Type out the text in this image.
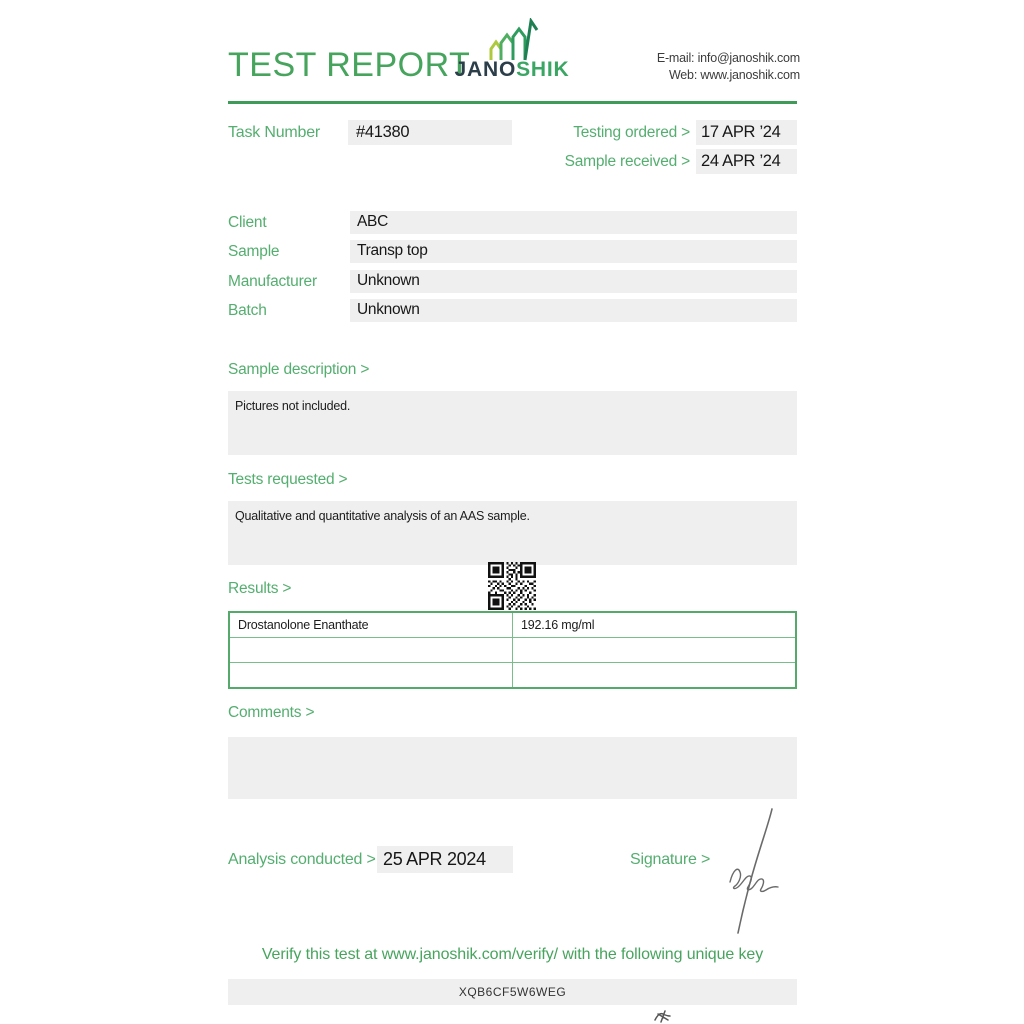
TEST REPORT
JANOSHIK	E-mail: info@janoshik.com
Web: www.janoshik.com
Task Number	#41380	Testing ordered > 17 APR ’24
Sample received > 24 APR ’24
Client	ABC
Sample	Transp top
Manufacturer	Unknown
Batch	Unknown
Sample description >
Pictures not included.
Tests requested >
Qualitative and quantitative analysis of an AAS sample.
Results >
Drostanolone Enanthate	192.16 mg/ml
Comments >
Analysis conducted > 25 APR 2024	Signature >
Verify this test at www.janoshik.com/verify/ with the following unique key
XQB6CF5W6WEG
